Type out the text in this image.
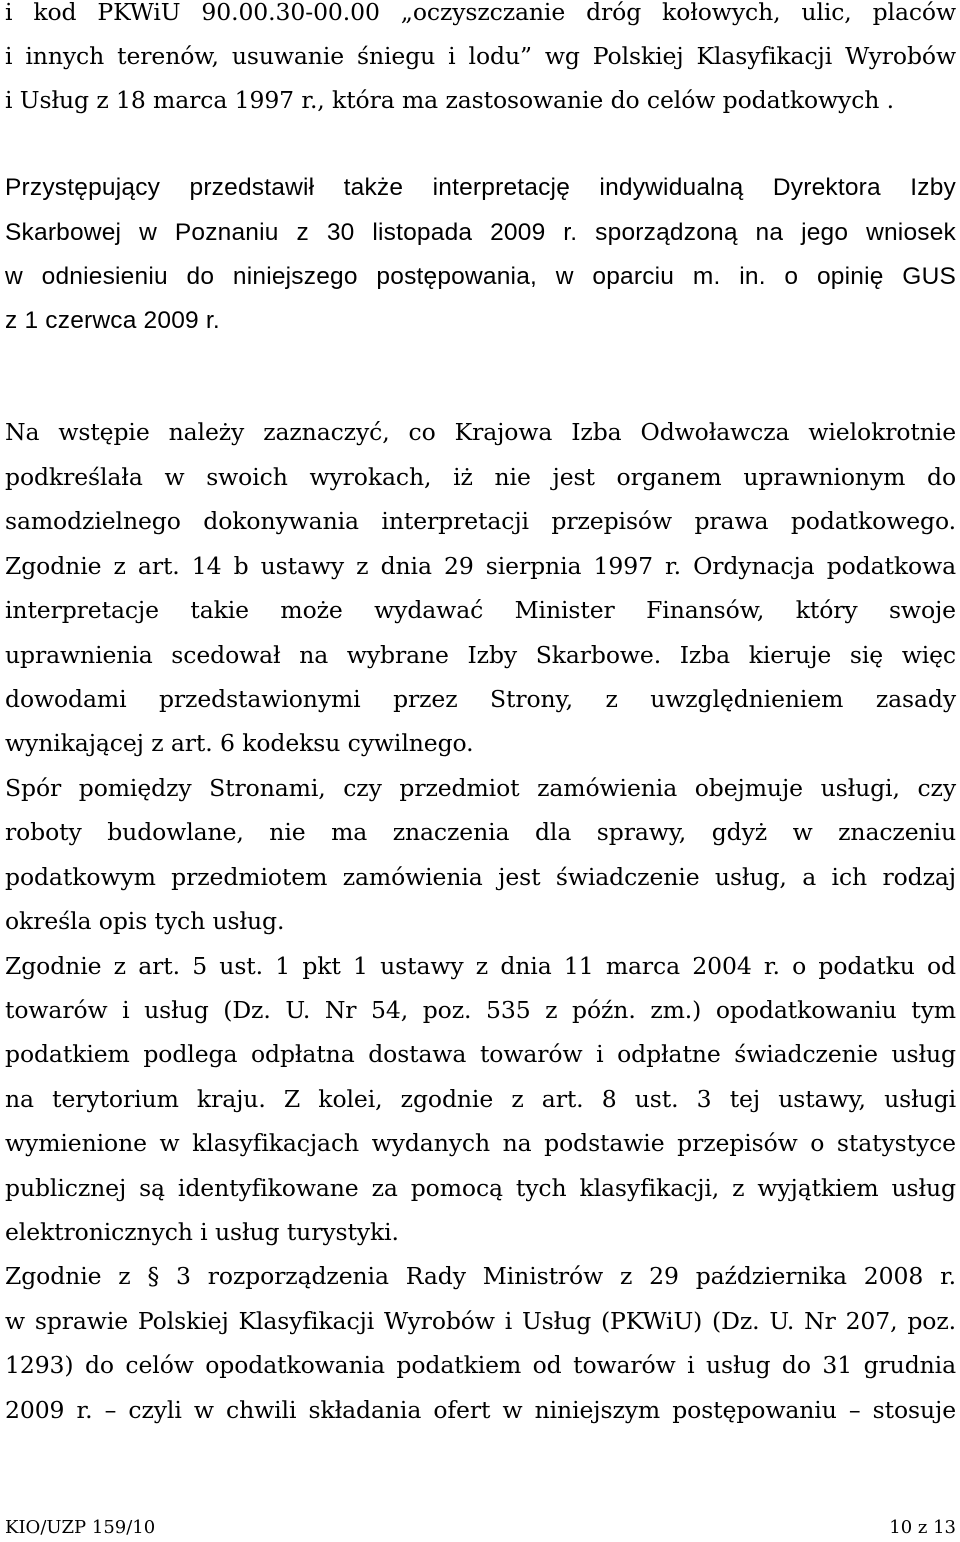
i kod PKWiU 90.00.30-00.00 „oczyszczanie dróg kołowych, ulic, placów
i innych terenów, usuwanie śniegu i lodu” wg Polskiej Klasyfikacji Wyrobów
i Usług z 18 marca 1997 r., która ma zastosowanie do celów podatkowych .
Przystępujący przedstawił także interpretację indywidualną Dyrektora Izby
Skarbowej w Poznaniu z 30 listopada 2009 r. sporządzoną na jego wniosek
w odniesieniu do niniejszego postępowania, w oparciu m. in. o opinię GUS
z 1 czerwca 2009 r.
Na wstępie należy zaznaczyć, co Krajowa Izba Odwoławcza wielokrotnie
podkreślała w swoich wyrokach, iż nie jest organem uprawnionym do
samodzielnego dokonywania interpretacji przepisów prawa podatkowego.
Zgodnie z art. 14 b ustawy z dnia 29 sierpnia 1997 r. Ordynacja podatkowa
interpretacje takie może wydawać Minister Finansów, który swoje
uprawnienia scedował na wybrane Izby Skarbowe. Izba kieruje się więc
dowodami przedstawionymi przez Strony, z uwzględnieniem zasady
wynikającej z art. 6 kodeksu cywilnego.
Spór pomiędzy Stronami, czy przedmiot zamówienia obejmuje usługi, czy
roboty budowlane, nie ma znaczenia dla sprawy, gdyż w znaczeniu
podatkowym przedmiotem zamówienia jest świadczenie usług, a ich rodzaj
określa opis tych usług.
Zgodnie z art. 5 ust. 1 pkt 1 ustawy z dnia 11 marca 2004 r. o podatku od
towarów i usług (Dz. U. Nr 54, poz. 535 z późn. zm.) opodatkowaniu tym
podatkiem podlega odpłatna dostawa towarów i odpłatne świadczenie usług
na terytorium kraju. Z kolei, zgodnie z art. 8 ust. 3 tej ustawy, usługi
wymienione w klasyfikacjach wydanych na podstawie przepisów o statystyce
publicznej są identyfikowane za pomocą tych klasyfikacji, z wyjątkiem usług
elektronicznych i usług turystyki.
Zgodnie z § 3 rozporządzenia Rady Ministrów z 29 października 2008 r.
w sprawie Polskiej Klasyfikacji Wyrobów i Usług (PKWiU) (Dz. U. Nr 207, poz.
1293) do celów opodatkowania podatkiem od towarów i usług do 31 grudnia
2009 r. – czyli w chwili składania ofert w niniejszym postępowaniu – stosuje
KIO/UZP 159/10	10 z 13
